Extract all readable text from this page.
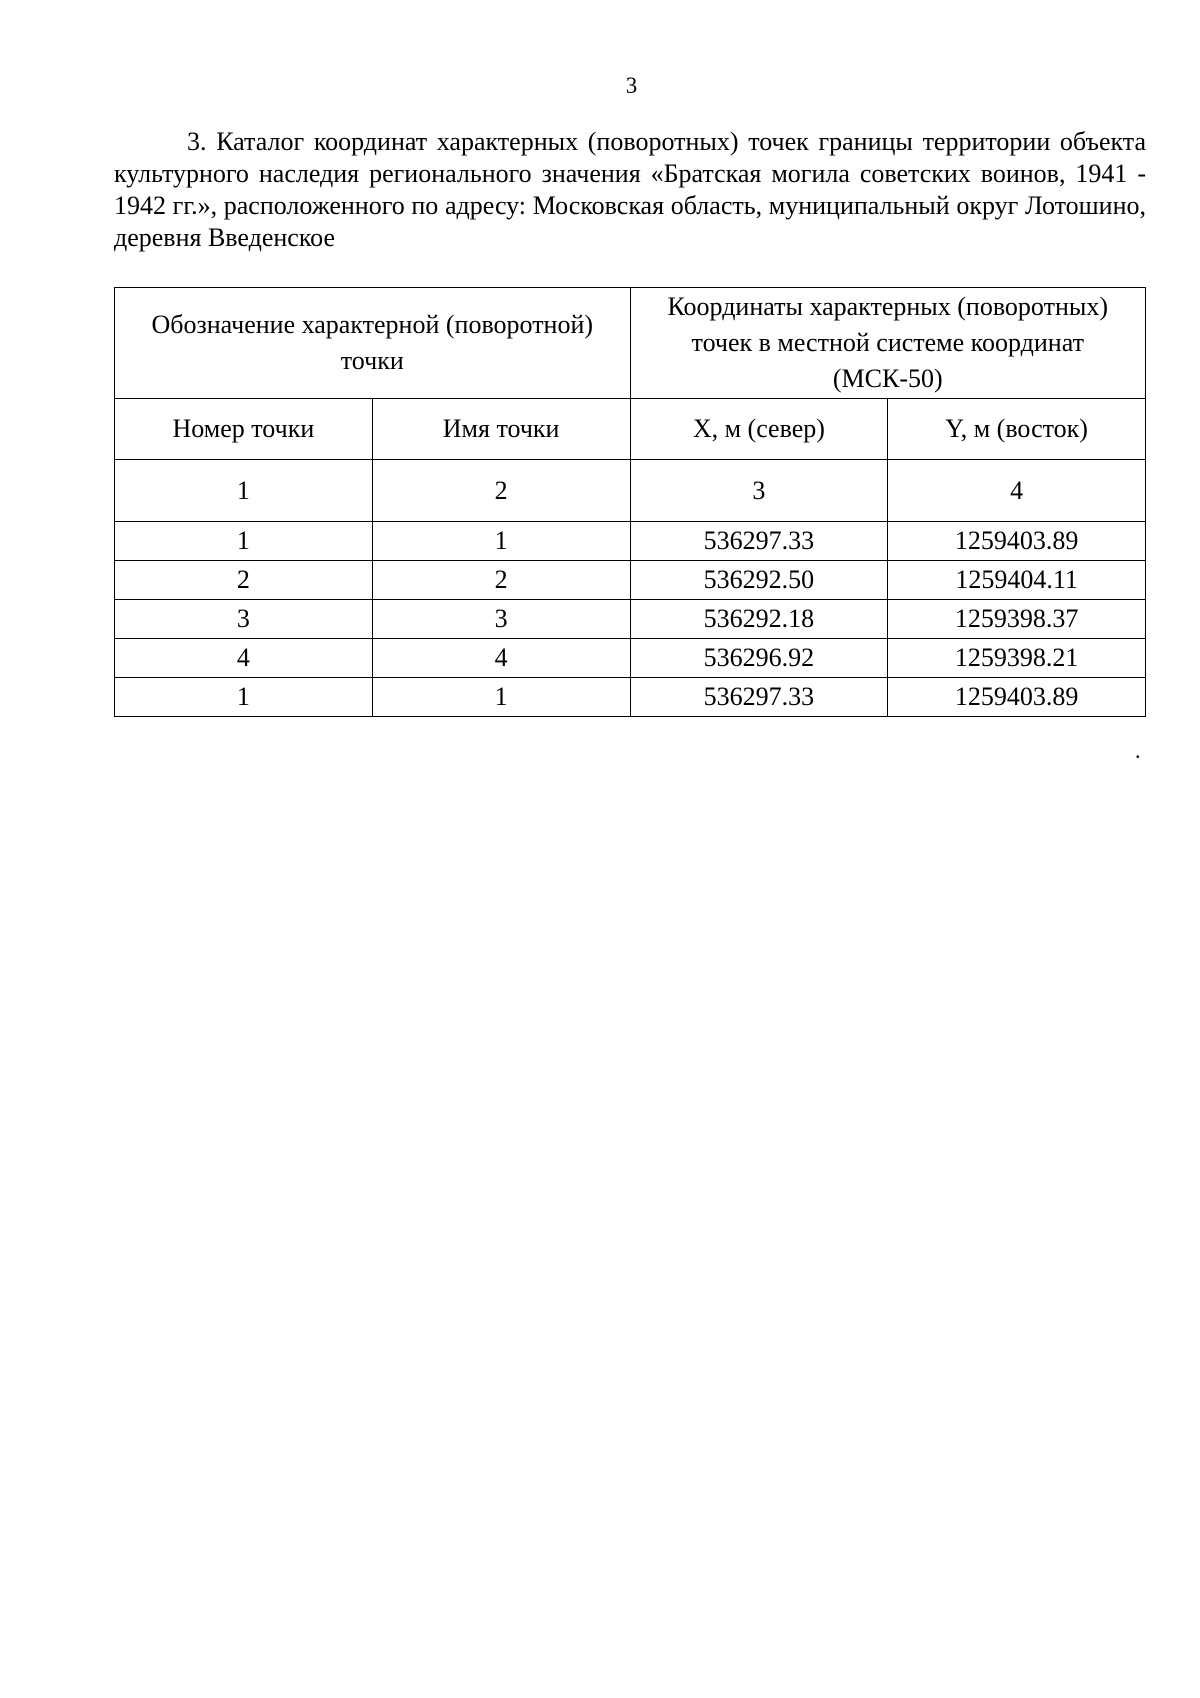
3

3. Каталог координат характерных (поворотных) точек границы территории объекта культурного наследия регионального значения «Братская могила советских воинов, 1941 - 1942 гг.», расположенного по адресу: Московская область, муниципальный округ Лотошино, деревня Введенское

Обозначение характерной (поворотной) точки		Координаты характерных (поворотных) точек в местной системе координат (МСК-50)	
Номер точки	Имя точки	X, м (север)	Y, м (восток)
1	2	3	4
1	1	536297.33	1259403.89
2	2	536292.50	1259404.11
3	3	536292.18	1259398.37
4	4	536296.92	1259398.21
1	1	536297.33	1259403.89
.
